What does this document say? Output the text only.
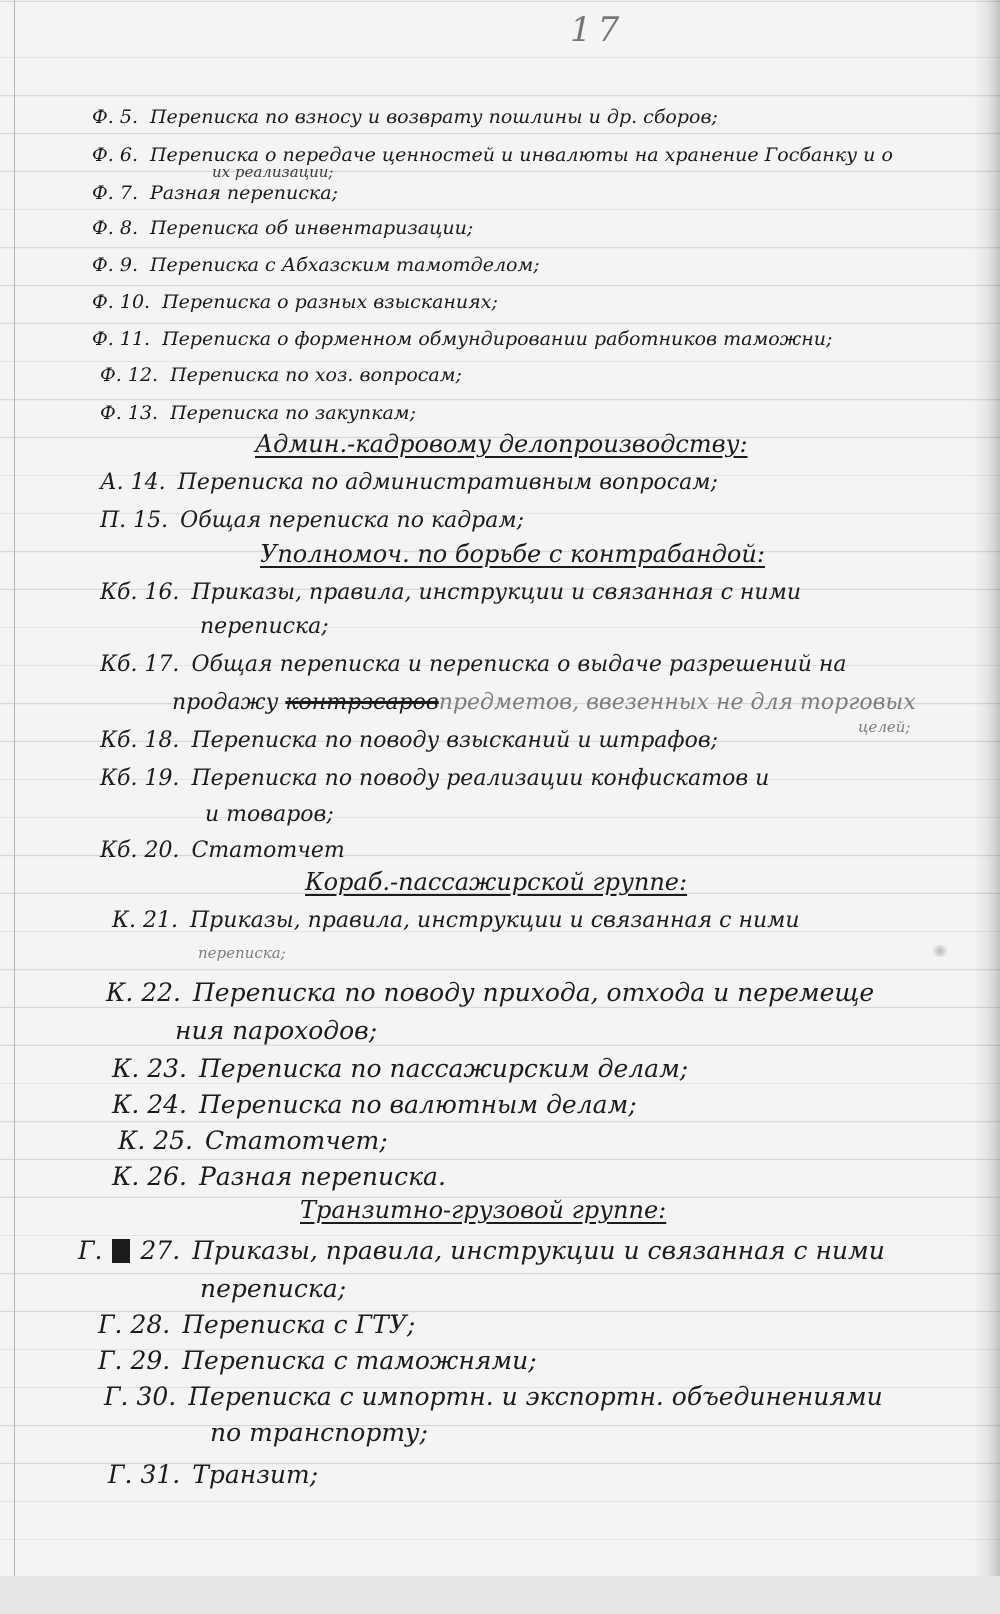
17
Ф. 5. Переписка по взносу и возврату пошлины и др. сборов;
Ф. 6. Переписка о передаче ценностей и инвалюты на хранение Госбанку и о
их реализации;
Ф. 7. Разная переписка;
Ф. 8. Переписка об инвентаризации;
Ф. 9. Переписка с Абхазским тамотделом;
Ф. 10. Переписка о разных взысканиях;
Ф. 11. Переписка о форменном обмундировании работников таможни;
Ф. 12. Переписка по хоз. вопросам;
Ф. 13. Переписка по закупкам;
Админ.-кадровому делопроизводству:
А. 14. Переписка по административным вопросам;
П. 15. Общая переписка по кадрам;
Уполномоч. по борьбе с контрабандой:
Кб. 16. Приказы, правила, инструкции и связанная с ними
переписка;
Кб. 17. Общая переписка и переписка о выдаче разрешений на
продажу контрзсаровпредметов, ввезенных не для торговых
целей;
Кб. 18. Переписка по поводу взысканий и штрафов;
Кб. 19. Переписка по поводу реализации конфискатов и
и товаров;
Кб. 20. Статотчет
Кораб.-пассажирской группе:
К. 21. Приказы, правила, инструкции и связанная с ними
переписка;
К. 22. Переписка по поводу прихода, отхода и перемеще
ния пароходов;
К. 23. Переписка по пассажирским делам;
К. 24. Переписка по валютным делам;
К. 25. Статотчет;
К. 26. Разная переписка.
Транзитно-грузовой группе:
Г. 27. Приказы, правила, инструкции и связанная с ними
переписка;
Г. 28. Переписка с ГТУ;
Г. 29. Переписка с таможнями;
Г. 30. Переписка с импортн. и экспортн. объединениями
по транспорту;
Г. 31. Транзит;
